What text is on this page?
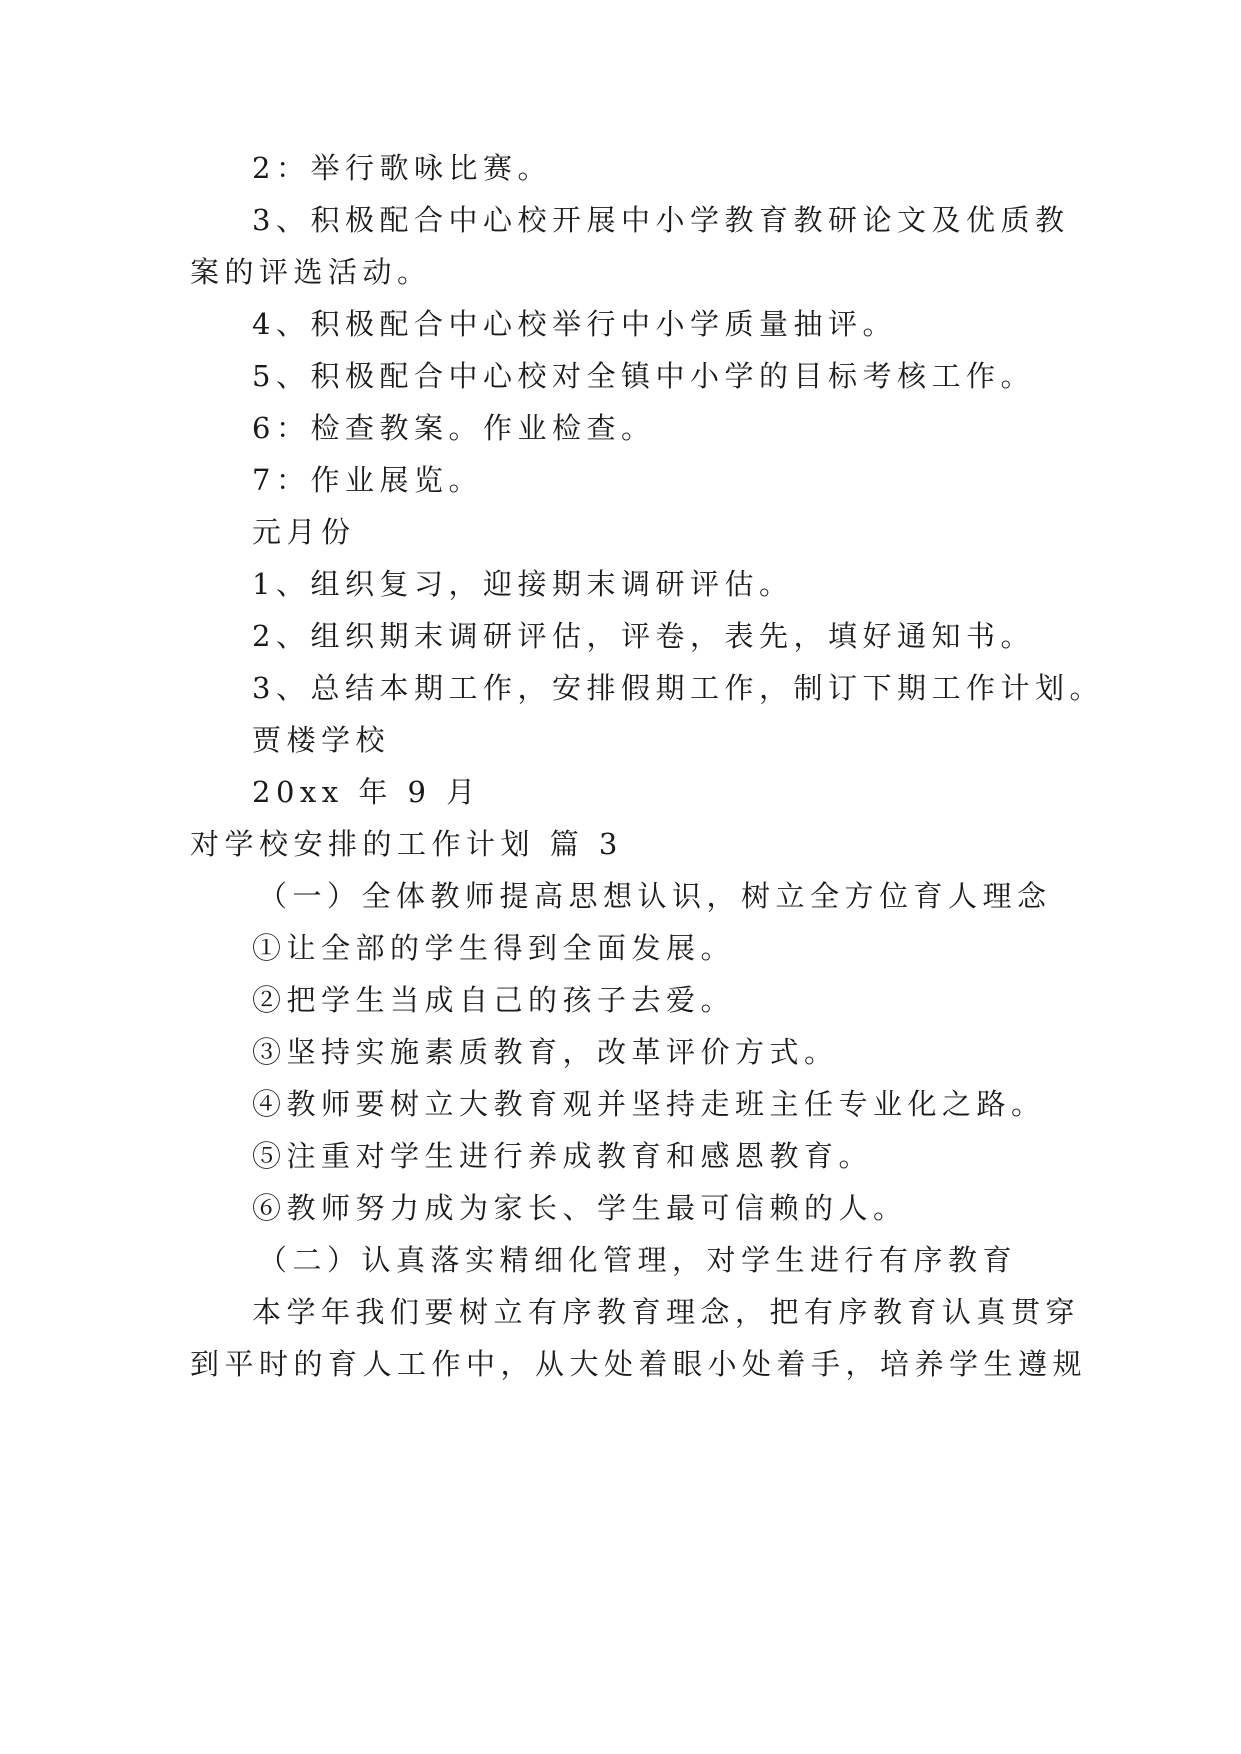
2：举行歌咏比赛。
3、积极配合中心校开展中小学教育教研论文及优质教
案的评选活动。
4、积极配合中心校举行中小学质量抽评。
5、积极配合中心校对全镇中小学的目标考核工作。
6：检查教案。作业检查。
7：作业展览。
元月份
1、组织复习，迎接期末调研评估。
2、组织期末调研评估，评卷，表先，填好通知书。
3、总结本期工作，安排假期工作，制订下期工作计划。
贾楼学校
20xx 年 9 月
对学校安排的工作计划 篇 3
（一）全体教师提高思想认识，树立全方位育人理念
①让全部的学生得到全面发展。
②把学生当成自己的孩子去爱。
③坚持实施素质教育，改革评价方式。
④教师要树立大教育观并坚持走班主任专业化之路。
⑤注重对学生进行养成教育和感恩教育。
⑥教师努力成为家长、学生最可信赖的人。
（二）认真落实精细化管理，对学生进行有序教育
本学年我们要树立有序教育理念，把有序教育认真贯穿
到平时的育人工作中，从大处着眼小处着手，培养学生遵规
